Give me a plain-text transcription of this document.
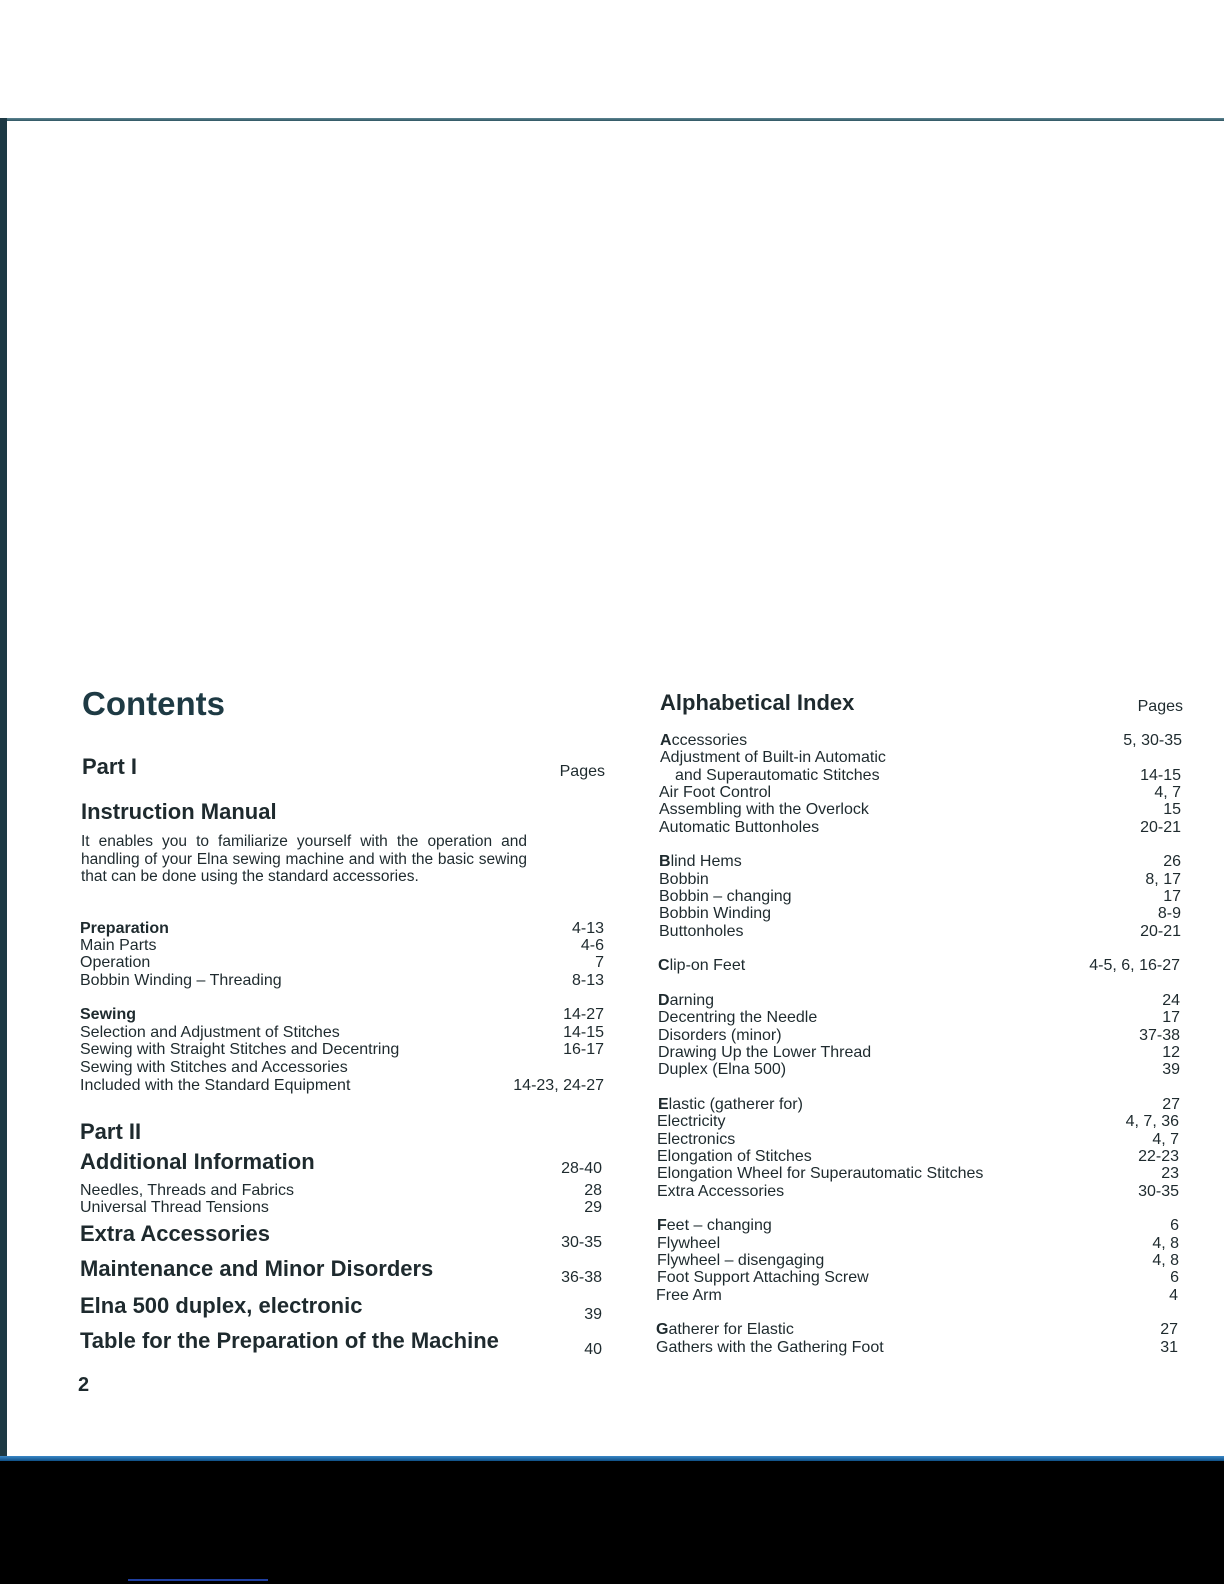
Contents
Part I	Pages
Instruction Manual
It enables you to familiarize yourself with the operation and handling of your Elna sewing machine and with the basic sewing that can be done using the standard accessories.
Preparation	4-13
Main Parts	4-6
Operation	7
Bobbin Winding – Threading	8-13
Sewing	14-27
Selection and Adjustment of Stitches	14-15
Sewing with Straight Stitches and Decentring	16-17
Sewing with Stitches and Accessories
Included with the Standard Equipment	14-23, 24-27
Part II
Additional Information	28-40
Needles, Threads and Fabrics	28
Universal Thread Tensions	29
Extra Accessories	30-35
Maintenance and Minor Disorders	36-38
Elna 500 duplex, electronic	39
Table for the Preparation of the Machine	40
2
Alphabetical Index	Pages
Accessories	5, 30-35
Adjustment of Built-in Automatic
and Superautomatic Stitches	14-15
Air Foot Control	4, 7
Assembling with the Overlock	15
Automatic Buttonholes	20-21
Blind Hems	26
Bobbin	8, 17
Bobbin – changing	17
Bobbin Winding	8-9
Buttonholes	20-21
Clip-on Feet	4-5, 6, 16-27
Darning	24
Decentring the Needle	17
Disorders (minor)	37-38
Drawing Up the Lower Thread	12
Duplex (Elna 500)	39
Elastic (gatherer for)	27
Electricity	4, 7, 36
Electronics	4, 7
Elongation of Stitches	22-23
Elongation Wheel for Superautomatic Stitches	23
Extra Accessories	30-35
Feet – changing	6
Flywheel	4, 8
Flywheel – disengaging	4, 8
Foot Support Attaching Screw	6
Free Arm	4
Gatherer for Elastic	27
Gathers with the Gathering Foot	31
